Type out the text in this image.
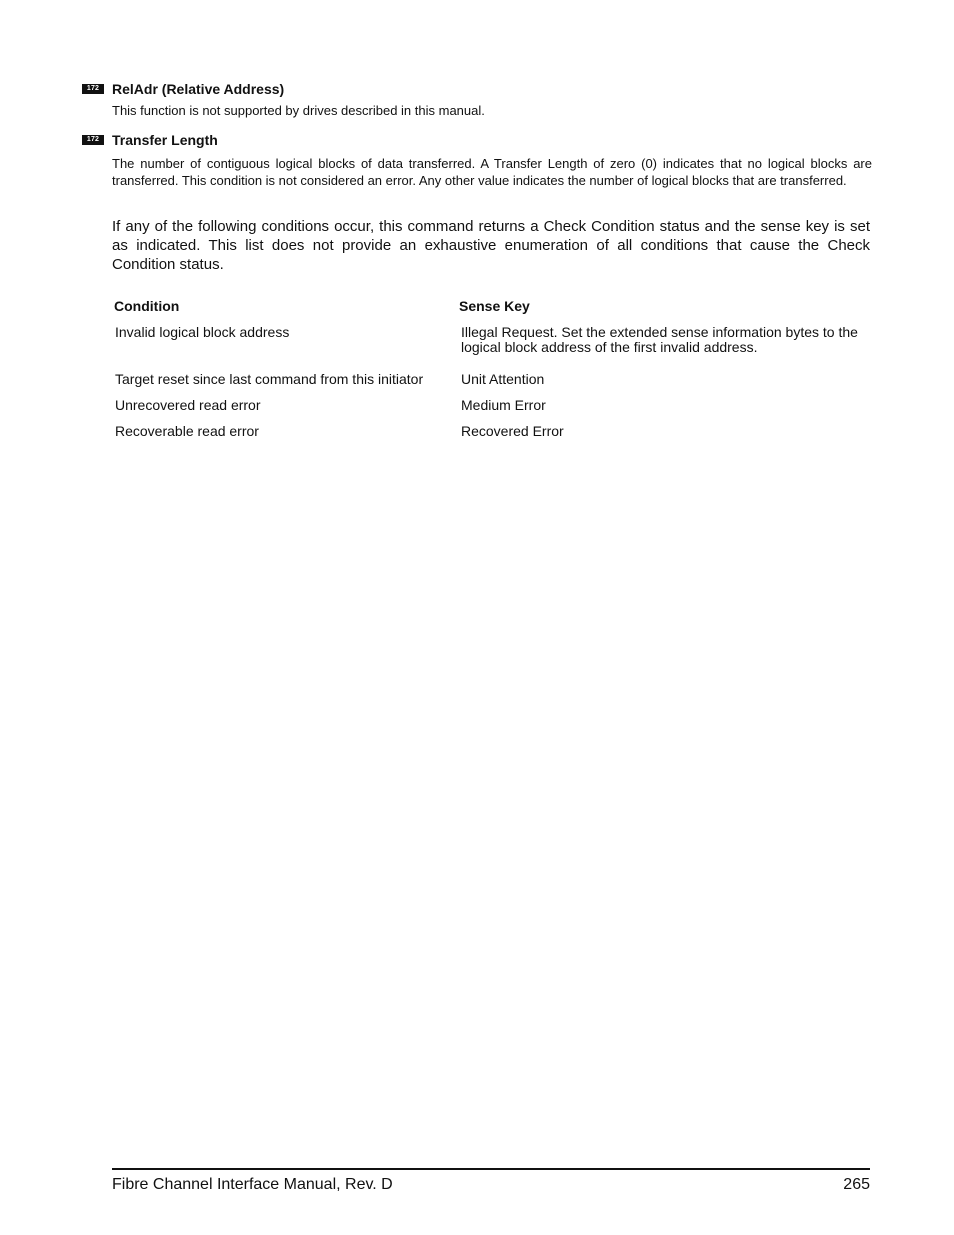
172 RelAdr (Relative Address)
This function is not supported by drives described in this manual.
172 Transfer Length
The number of contiguous logical blocks of data transferred. A Transfer Length of zero (0) indicates that no logical blocks are transferred. This condition is not considered an error. Any other value indicates the number of logical blocks that are transferred.
If any of the following conditions occur, this command returns a Check Condition status and the sense key is set as indicated. This list does not provide an exhaustive enumeration of all conditions that cause the Check Condition status.
Condition	Sense Key
Invalid logical block address	Illegal Request. Set the extended sense information bytes to the logical block address of the first invalid address.
Target reset since last command from this initiator	Unit Attention
Unrecovered read error	Medium Error
Recoverable read error	Recovered Error
Fibre Channel Interface Manual, Rev. D	265
